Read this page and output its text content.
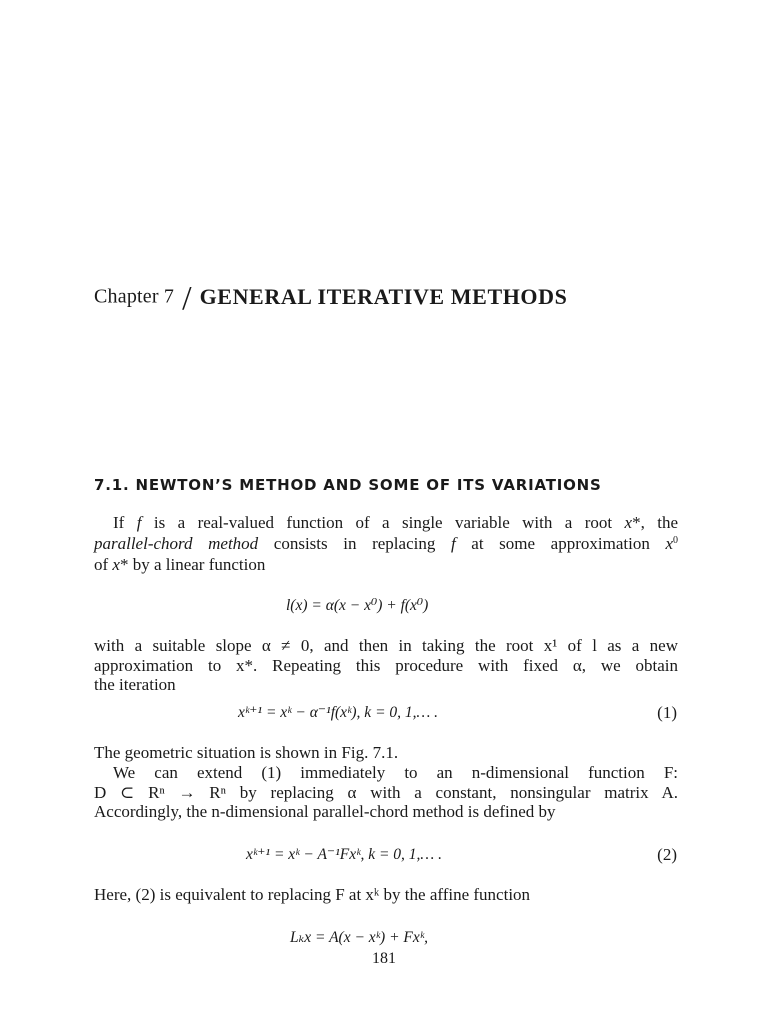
Chapter 7 / GENERAL ITERATIVE METHODS
7.1. NEWTON’S METHOD AND SOME OF ITS VARIATIONS
If f is a real-valued function of a single variable with a root x*, the
parallel-chord method consists in replacing f at some approximation $x^0$
of x* by a linear function
l(x) = α(x − x⁰) + f(x⁰)
with a suitable slope α ≠ 0, and then in taking the root x¹ of l as a new
approximation to x*. Repeating this procedure with fixed α, we obtain
the iteration
xᵏ⁺¹ = xᵏ − α⁻¹f(xᵏ), k = 0, 1,… .	(1)
The geometric situation is shown in Fig. 7.1.
We can extend (1) immediately to an n-dimensional function F:
D ⊂ Rⁿ → Rⁿ by replacing α with a constant, nonsingular matrix A.
Accordingly, the n-dimensional parallel-chord method is defined by
xᵏ⁺¹ = xᵏ − A⁻¹Fxᵏ, k = 0, 1,… .	(2)
Here, (2) is equivalent to replacing F at xᵏ by the affine function
Lₖx = A(x − xᵏ) + Fxᵏ,
181
